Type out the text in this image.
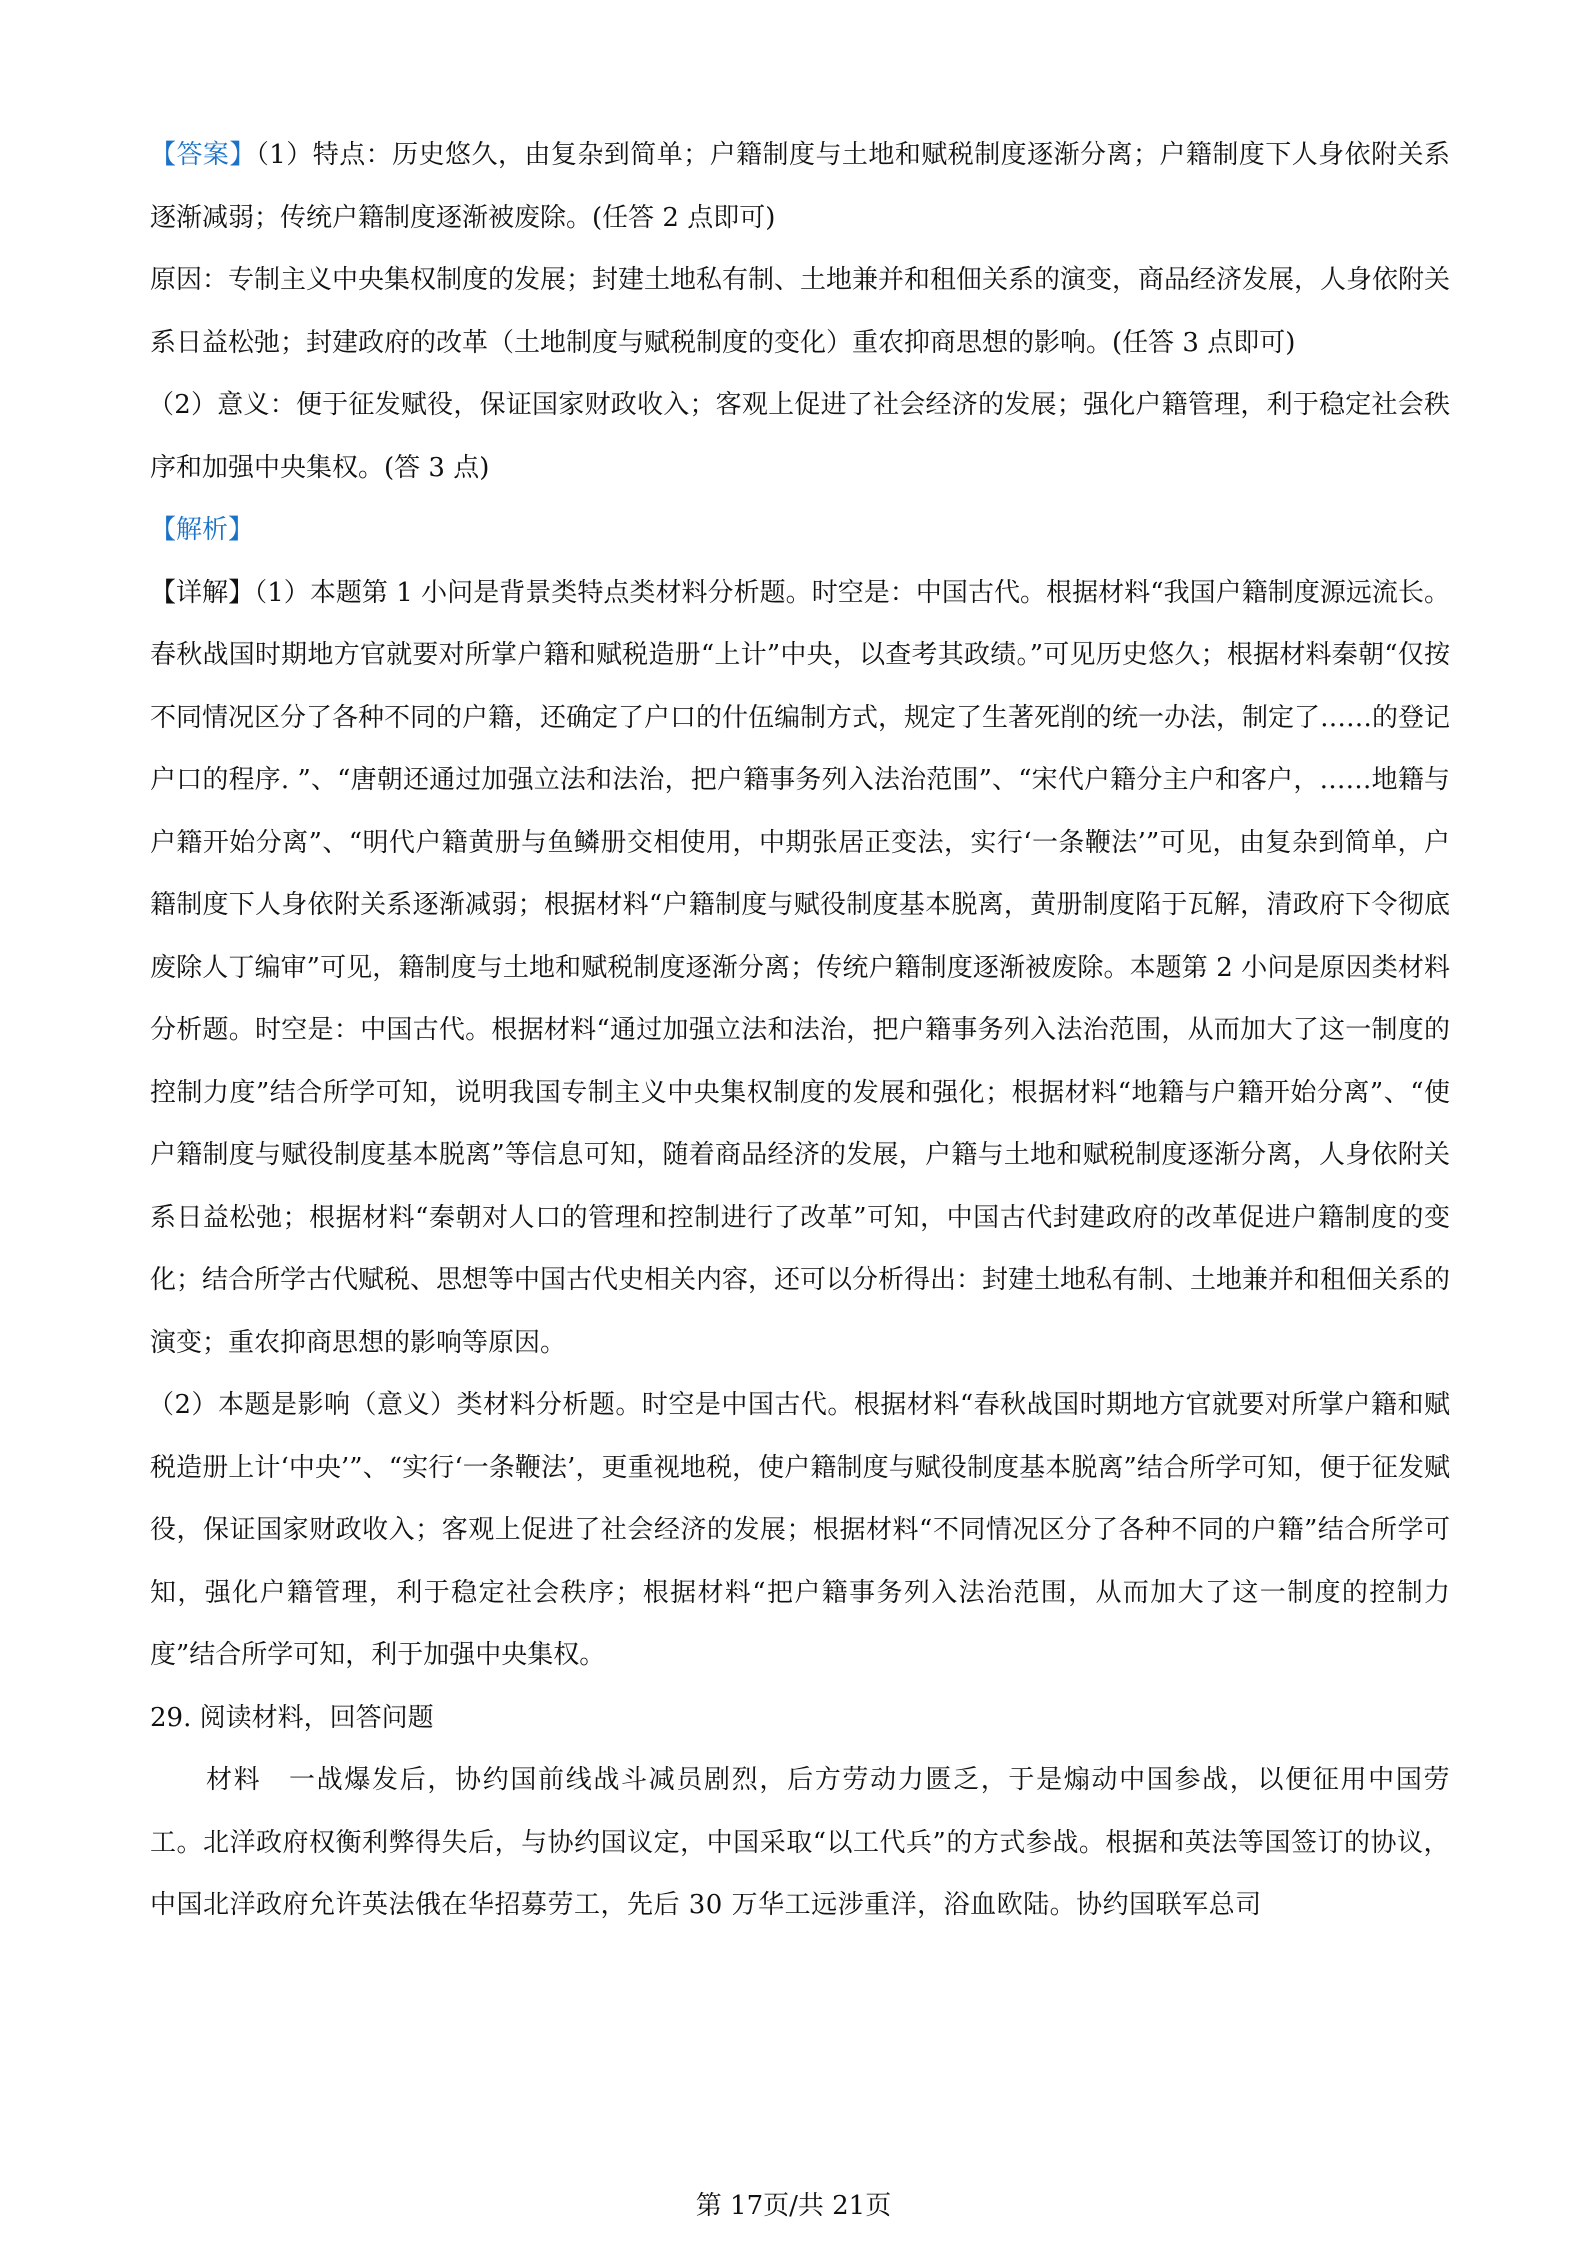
【答案】（1）特点：历史悠久，由复杂到简单；户籍制度与土地和赋税制度逐渐分离；户籍制度下人身依附关系逐渐减弱；传统户籍制度逐渐被废除。(任答 2 点即可)

原因：专制主义中央集权制度的发展；封建土地私有制、土地兼并和租佃关系的演变，商品经济发展，人身依附关系日益松弛；封建政府的改革（土地制度与赋税制度的变化）重农抑商思想的影响。(任答 3 点即可)

（2）意义：便于征发赋役，保证国家财政收入；客观上促进了社会经济的发展；强化户籍管理，利于稳定社会秩序和加强中央集权。(答 3 点)

【解析】

【详解】（1）本题第 1 小问是背景类特点类材料分析题。时空是：中国古代。根据材料“我国户籍制度源远流长。春秋战国时期地方官就要对所掌户籍和赋税造册“上计”中央，以查考其政绩。”可见历史悠久；根据材料秦朝“仅按不同情况区分了各种不同的户籍，还确定了户口的什伍编制方式，规定了生著死削的统一办法，制定了……的登记户口的程序. ”、“唐朝还通过加强立法和法治，把户籍事务列入法治范围”、“宋代户籍分主户和客户，……地籍与户籍开始分离”、“明代户籍黄册与鱼鳞册交相使用，中期张居正变法，实行‘一条鞭法’”可见，由复杂到简单，户籍制度下人身依附关系逐渐减弱；根据材料“户籍制度与赋役制度基本脱离，黄册制度陷于瓦解，清政府下令彻底废除人丁编审”可见，籍制度与土地和赋税制度逐渐分离；传统户籍制度逐渐被废除。本题第 2 小问是原因类材料分析题。时空是：中国古代。根据材料“通过加强立法和法治，把户籍事务列入法治范围，从而加大了这一制度的控制力度”结合所学可知，说明我国专制主义中央集权制度的发展和强化；根据材料“地籍与户籍开始分离”、“使户籍制度与赋役制度基本脱离”等信息可知，随着商品经济的发展，户籍与土地和赋税制度逐渐分离，人身依附关系日益松弛；根据材料“秦朝对人口的管理和控制进行了改革”可知，中国古代封建政府的改革促进户籍制度的变化；结合所学古代赋税、思想等中国古代史相关内容，还可以分析得出：封建土地私有制、土地兼并和租佃关系的演变；重农抑商思想的影响等原因。

（2）本题是影响（意义）类材料分析题。时空是中国古代。根据材料“春秋战国时期地方官就要对所掌户籍和赋税造册上计‘中央’”、“实行‘一条鞭法’，更重视地税，使户籍制度与赋役制度基本脱离”结合所学可知，便于征发赋役，保证国家财政收入；客观上促进了社会经济的发展；根据材料“不同情况区分了各种不同的户籍”结合所学可知，强化户籍管理，利于稳定社会秩序；根据材料“把户籍事务列入法治范围，从而加大了这一制度的控制力度”结合所学可知，利于加强中央集权。

29. 阅读材料，回答问题

材料　一战爆发后，协约国前线战斗减员剧烈，后方劳动力匮乏，于是煽动中国参战，以便征用中国劳工。北洋政府权衡利弊得失后，与协约国议定，中国采取“以工代兵”的方式参战。根据和英法等国签订的协议，中国北洋政府允许英法俄在华招募劳工，先后 30 万华工远涉重洋，浴血欧陆。协约国联军总司

第 17页/共 21页
